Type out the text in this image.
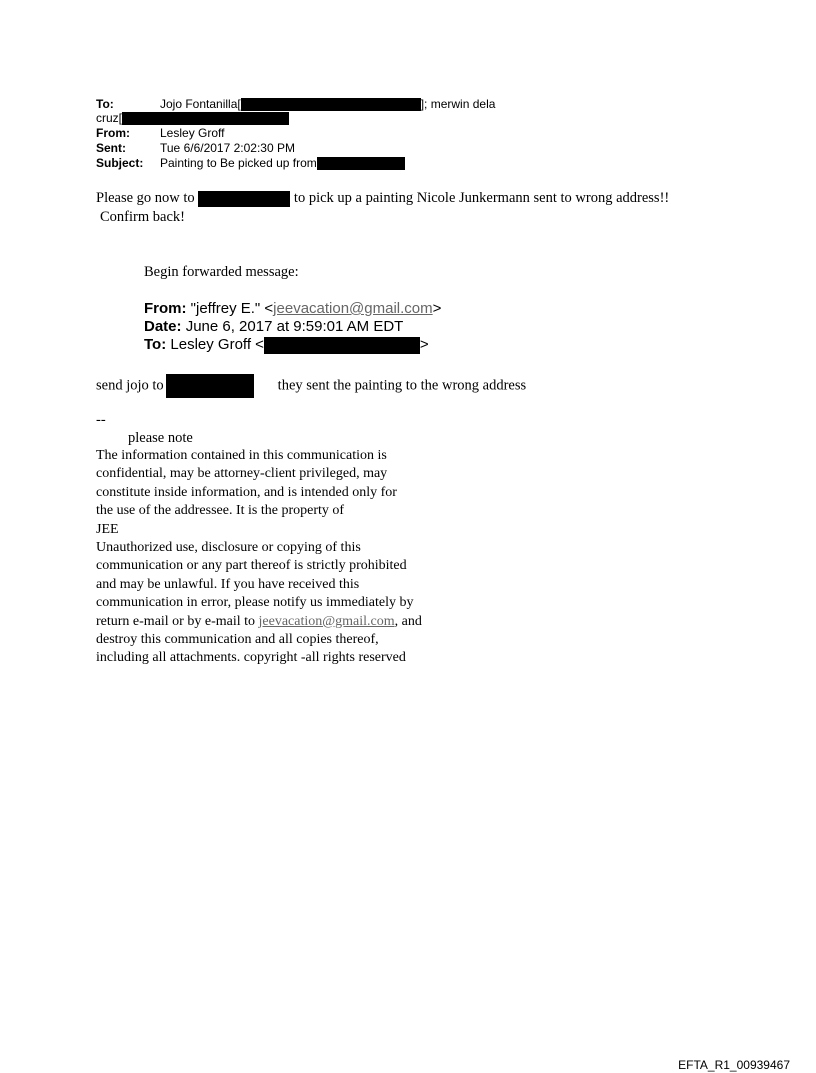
To:	Jojo Fontanilla[	]; merwin dela
cruz[
From:	Lesley Groff
Sent:	Tue 6/6/2017 2:02:30 PM
Subject: Painting to Be picked up from
Please go now to	to pick up a painting Nicole Junkermann sent to wrong address!!
Confirm back!
Begin forwarded message:
From: "jeffrey E." <jeevacation@gmail.com>
Date: June 6, 2017 at 9:59:01 AM EDT
To: Lesley Groff <	>
send jojo to	they sent the painting to the wrong address
--
please note
The information contained in this communication is
confidential, may be attorney-client privileged, may
constitute inside information, and is intended only for
the use of the addressee. It is the property of
JEE
Unauthorized use, disclosure or copying of this
communication or any part thereof is strictly prohibited
and may be unlawful. If you have received this
communication in error, please notify us immediately by
return e-mail or by e-mail to jeevacation@gmail.com, and
destroy this communication and all copies thereof,
including all attachments. copyright -all rights reserved
EFTA_R1_00939467
